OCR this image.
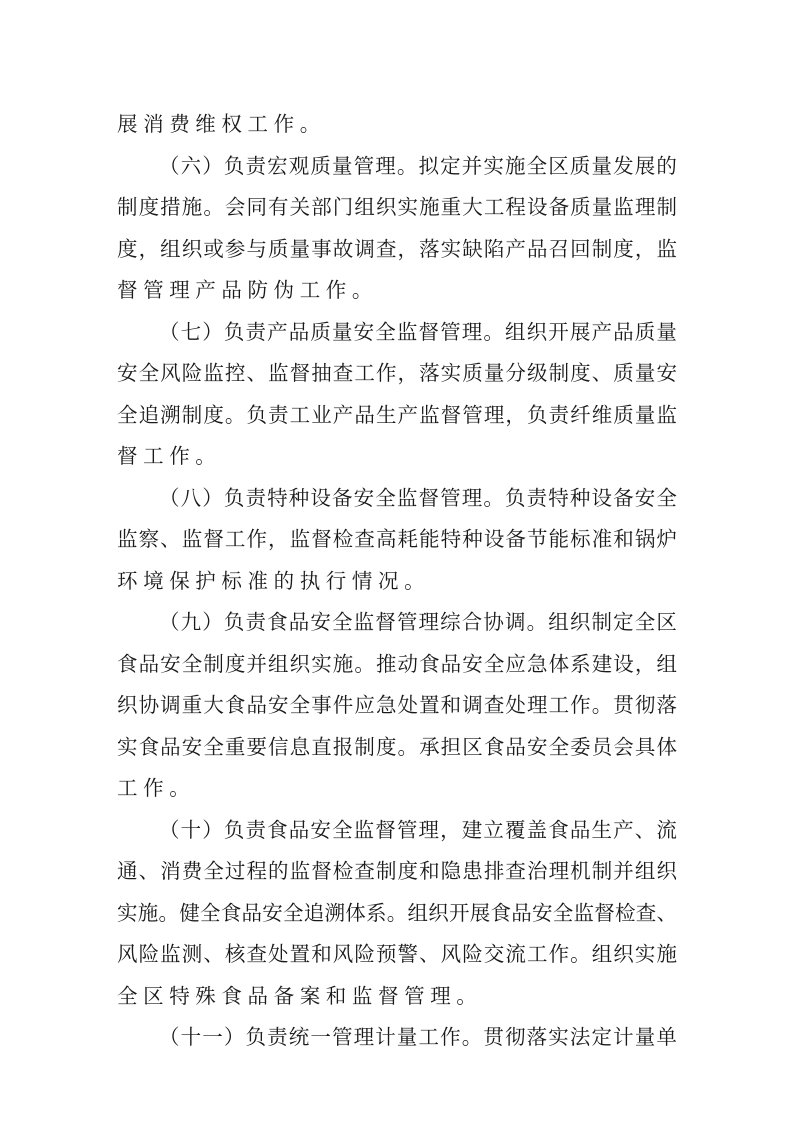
展消费维权工作。
（ 六 ） 负 责 宏 观 质 量 管 理 。 拟 定 并 实 施 全 区 质 量 发 展 的
制 度 措 施 。 会 同 有 关 部 门 组 织 实 施 重 大 工 程 设 备 质 量 监 理 制
度 ， 组 织 或 参 与 质 量 事 故 调 查 ， 落 实 缺 陷 产 品 召 回 制 度 ， 监
督管理产品防伪工作。
（ 七 ） 负 责 产 品 质 量 安 全 监 督 管 理 。 组 织 开 展 产 品 质 量
安 全 风 险 监 控 、 监 督 抽 查 工 作 ， 落 实 质 量 分 级 制 度 、 质 量 安
全 追 溯 制 度 。 负 责 工 业 产 品 生 产 监 督 管 理 ， 负 责 纤 维 质 量 监
督工作。
（ 八 ） 负 责 特 种 设 备 安 全 监 督 管 理 。 负 责 特 种 设 备 安 全
监 察 、 监 督 工 作 ， 监 督 检 查 高 耗 能 特 种 设 备 节 能 标 准 和 锅 炉
环境保护标准的执行情况。
（ 九 ） 负 责 食 品 安 全 监 督 管 理 综 合 协 调 。 组 织 制 定 全 区
食 品 安 全 制 度 并 组 织 实 施 。 推 动 食 品 安 全 应 急 体 系 建 设 ， 组
织 协 调 重 大 食 品 安 全 事 件 应 急 处 置 和 调 查 处 理 工 作 。 贯 彻 落
实 食 品 安 全 重 要 信 息 直 报 制 度 。 承 担 区 食 品 安 全 委 员 会 具 体
工作。
（ 十 ） 负 责 食 品 安 全 监 督 管 理 ， 建 立 覆 盖 食 品 生 产 、 流
通 、 消 费 全 过 程 的 监 督 检 查 制 度 和 隐 患 排 查 治 理 机 制 并 组 织
实 施 。 健 全 食 品 安 全 追 溯 体 系 。 组 织 开 展 食 品 安 全 监 督 检 查 、
风 险 监 测 、 核 查 处 置 和 风 险 预 警 、 风 险 交 流 工 作 。 组 织 实 施
全区特殊食品备案和监督管理。
（ 十 一 ） 负 责 统 一 管 理 计 量 工 作 。 贯 彻 落 实 法 定 计 量 单
